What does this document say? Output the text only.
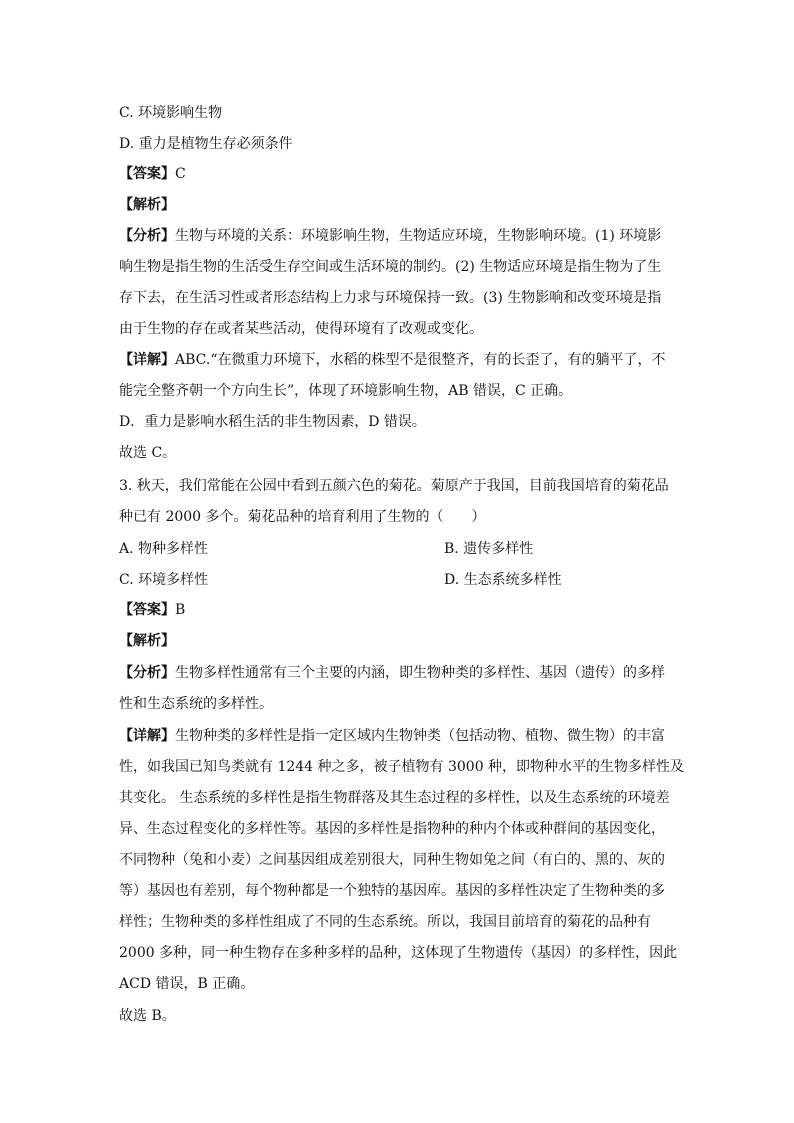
C. 环境影响生物
D. 重力是植物生存必须条件
【答案】C
【解析】
【分析】生物与环境的关系：环境影响生物，生物适应环境，生物影响环境。(1) 环境影
响生物是指生物的生活受生存空间或生活环境的制约。(2) 生物适应环境是指生物为了生
存下去，在生活习性或者形态结构上力求与环境保持一致。(3) 生物影响和改变环境是指
由于生物的存在或者某些活动，使得环境有了改观或变化。
【详解】ABC.“在微重力环境下，水稻的株型不是很整齐，有的长歪了，有的躺平了，不
能完全整齐朝一个方向生长”，体现了环境影响生物，AB 错误，C 正确。
D．重力是影响水稻生活的非生物因素，D 错误。
故选 C。
3. 秋天，我们常能在公园中看到五颜六色的菊花。菊原产于我国，目前我国培育的菊花品
种已有 2000 多个。菊花品种的培育利用了生物的（　　）
A. 物种多样性	B. 遗传多样性
C. 环境多样性	D. 生态系统多样性
【答案】B
【解析】
【分析】生物多样性通常有三个主要的内涵，即生物种类的多样性、基因（遗传）的多样
性和生态系统的多样性。
【详解】生物种类的多样性是指一定区域内生物钟类（包括动物、植物、微生物）的丰富
性，如我国已知鸟类就有 1244 种之多，被子植物有 3000 种，即物种水平的生物多样性及
其变化。 生态系统的多样性是指生物群落及其生态过程的多样性，以及生态系统的环境差
异、生态过程变化的多样性等。基因的多样性是指物种的种内个体或种群间的基因变化，
不同物种（兔和小麦）之间基因组成差别很大，同种生物如兔之间（有白的、黑的、灰的
等）基因也有差别，每个物种都是一个独特的基因库。基因的多样性决定了生物种类的多
样性；生物种类的多样性组成了不同的生态系统。所以，我国目前培育的菊花的品种有
2000 多种，同一种生物存在多种多样的品种，这体现了生物遗传（基因）的多样性，因此
ACD 错误，B 正确。
故选 B。
